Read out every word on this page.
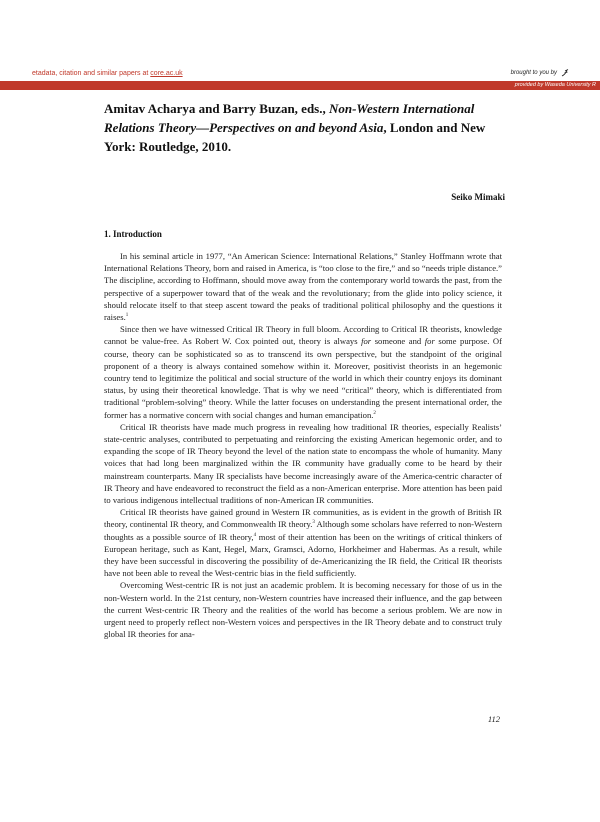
etadata, citation and similar papers at core.ac.uk	brought to you by
provided by Waseda University R
Amitav Acharya and Barry Buzan, eds., Non-Western International Relations Theory—Perspectives on and beyond Asia, London and New York: Routledge, 2010.
Seiko Mimaki
1. Introduction

In his seminal article in 1977, “An American Science: International Relations,” Stanley Hoffmann wrote that International Relations Theory, born and raised in America, is “too close to the fire,” and so “needs triple distance.” The discipline, according to Hoffmann, should move away from the contemporary world towards the past, from the perspective of a superpower toward that of the weak and the revolutionary; from the glide into policy science, it should relocate itself to that steep ascent toward the peaks of traditional political philosophy and the questions it raises.$^1$

Since then we have witnessed Critical IR Theory in full bloom. According to Critical IR theorists, knowledge cannot be value-free. As Robert W. Cox pointed out, theory is always for someone and for some purpose. Of course, theory can be sophisticated so as to transcend its own perspective, but the standpoint of the original proponent of a theory is always contained somehow within it. Moreover, positivist theorists in an hegemonic country tend to legitimize the political and social structure of the world in which their country enjoys its dominant status, by using their theoretical knowledge. That is why we need “critical” theory, which is differentiated from traditional “problem-solving” theory. While the latter focuses on understanding the present international order, the former has a normative concern with social changes and human emancipation.$^2$

Critical IR theorists have made much progress in revealing how traditional IR theories, especially Realists’ state-centric analyses, contributed to perpetuating and reinforcing the existing American hegemonic order, and to expanding the scope of IR Theory beyond the level of the nation state to encompass the whole of humanity. Many voices that had long been marginalized within the IR community have gradually come to be heard by their mainstream counterparts. Many IR specialists have become increasingly aware of the America-centric character of IR Theory and have endeavored to reconstruct the field as a non-American enterprise. More attention has been paid to various indigenous intellectual traditions of non-American IR communities.

Critical IR theorists have gained ground in Western IR communities, as is evident in the growth of British IR theory, continental IR theory, and Commonwealth IR theory.$^3$ Although some scholars have referred to non-Western thoughts as a possible source of IR theory,$^4$ most of their attention has been on the writings of critical thinkers of European heritage, such as Kant, Hegel, Marx, Gramsci, Adorno, Horkheimer and Habermas. As a result, while they have been successful in discovering the possibility of de-Americanizing the IR field, the Critical IR theorists have not been able to reveal the West-centric bias in the field sufficiently.

Overcoming West-centric IR is not just an academic problem. It is becoming necessary for those of us in the non-Western world. In the 21st century, non-Western countries have increased their influence, and the gap between the current West-centric IR Theory and the realities of the world has become a serious problem. We are now in urgent need to properly reflect non-Western voices and perspectives in the IR Theory debate and to construct truly global IR theories for ana-

112
